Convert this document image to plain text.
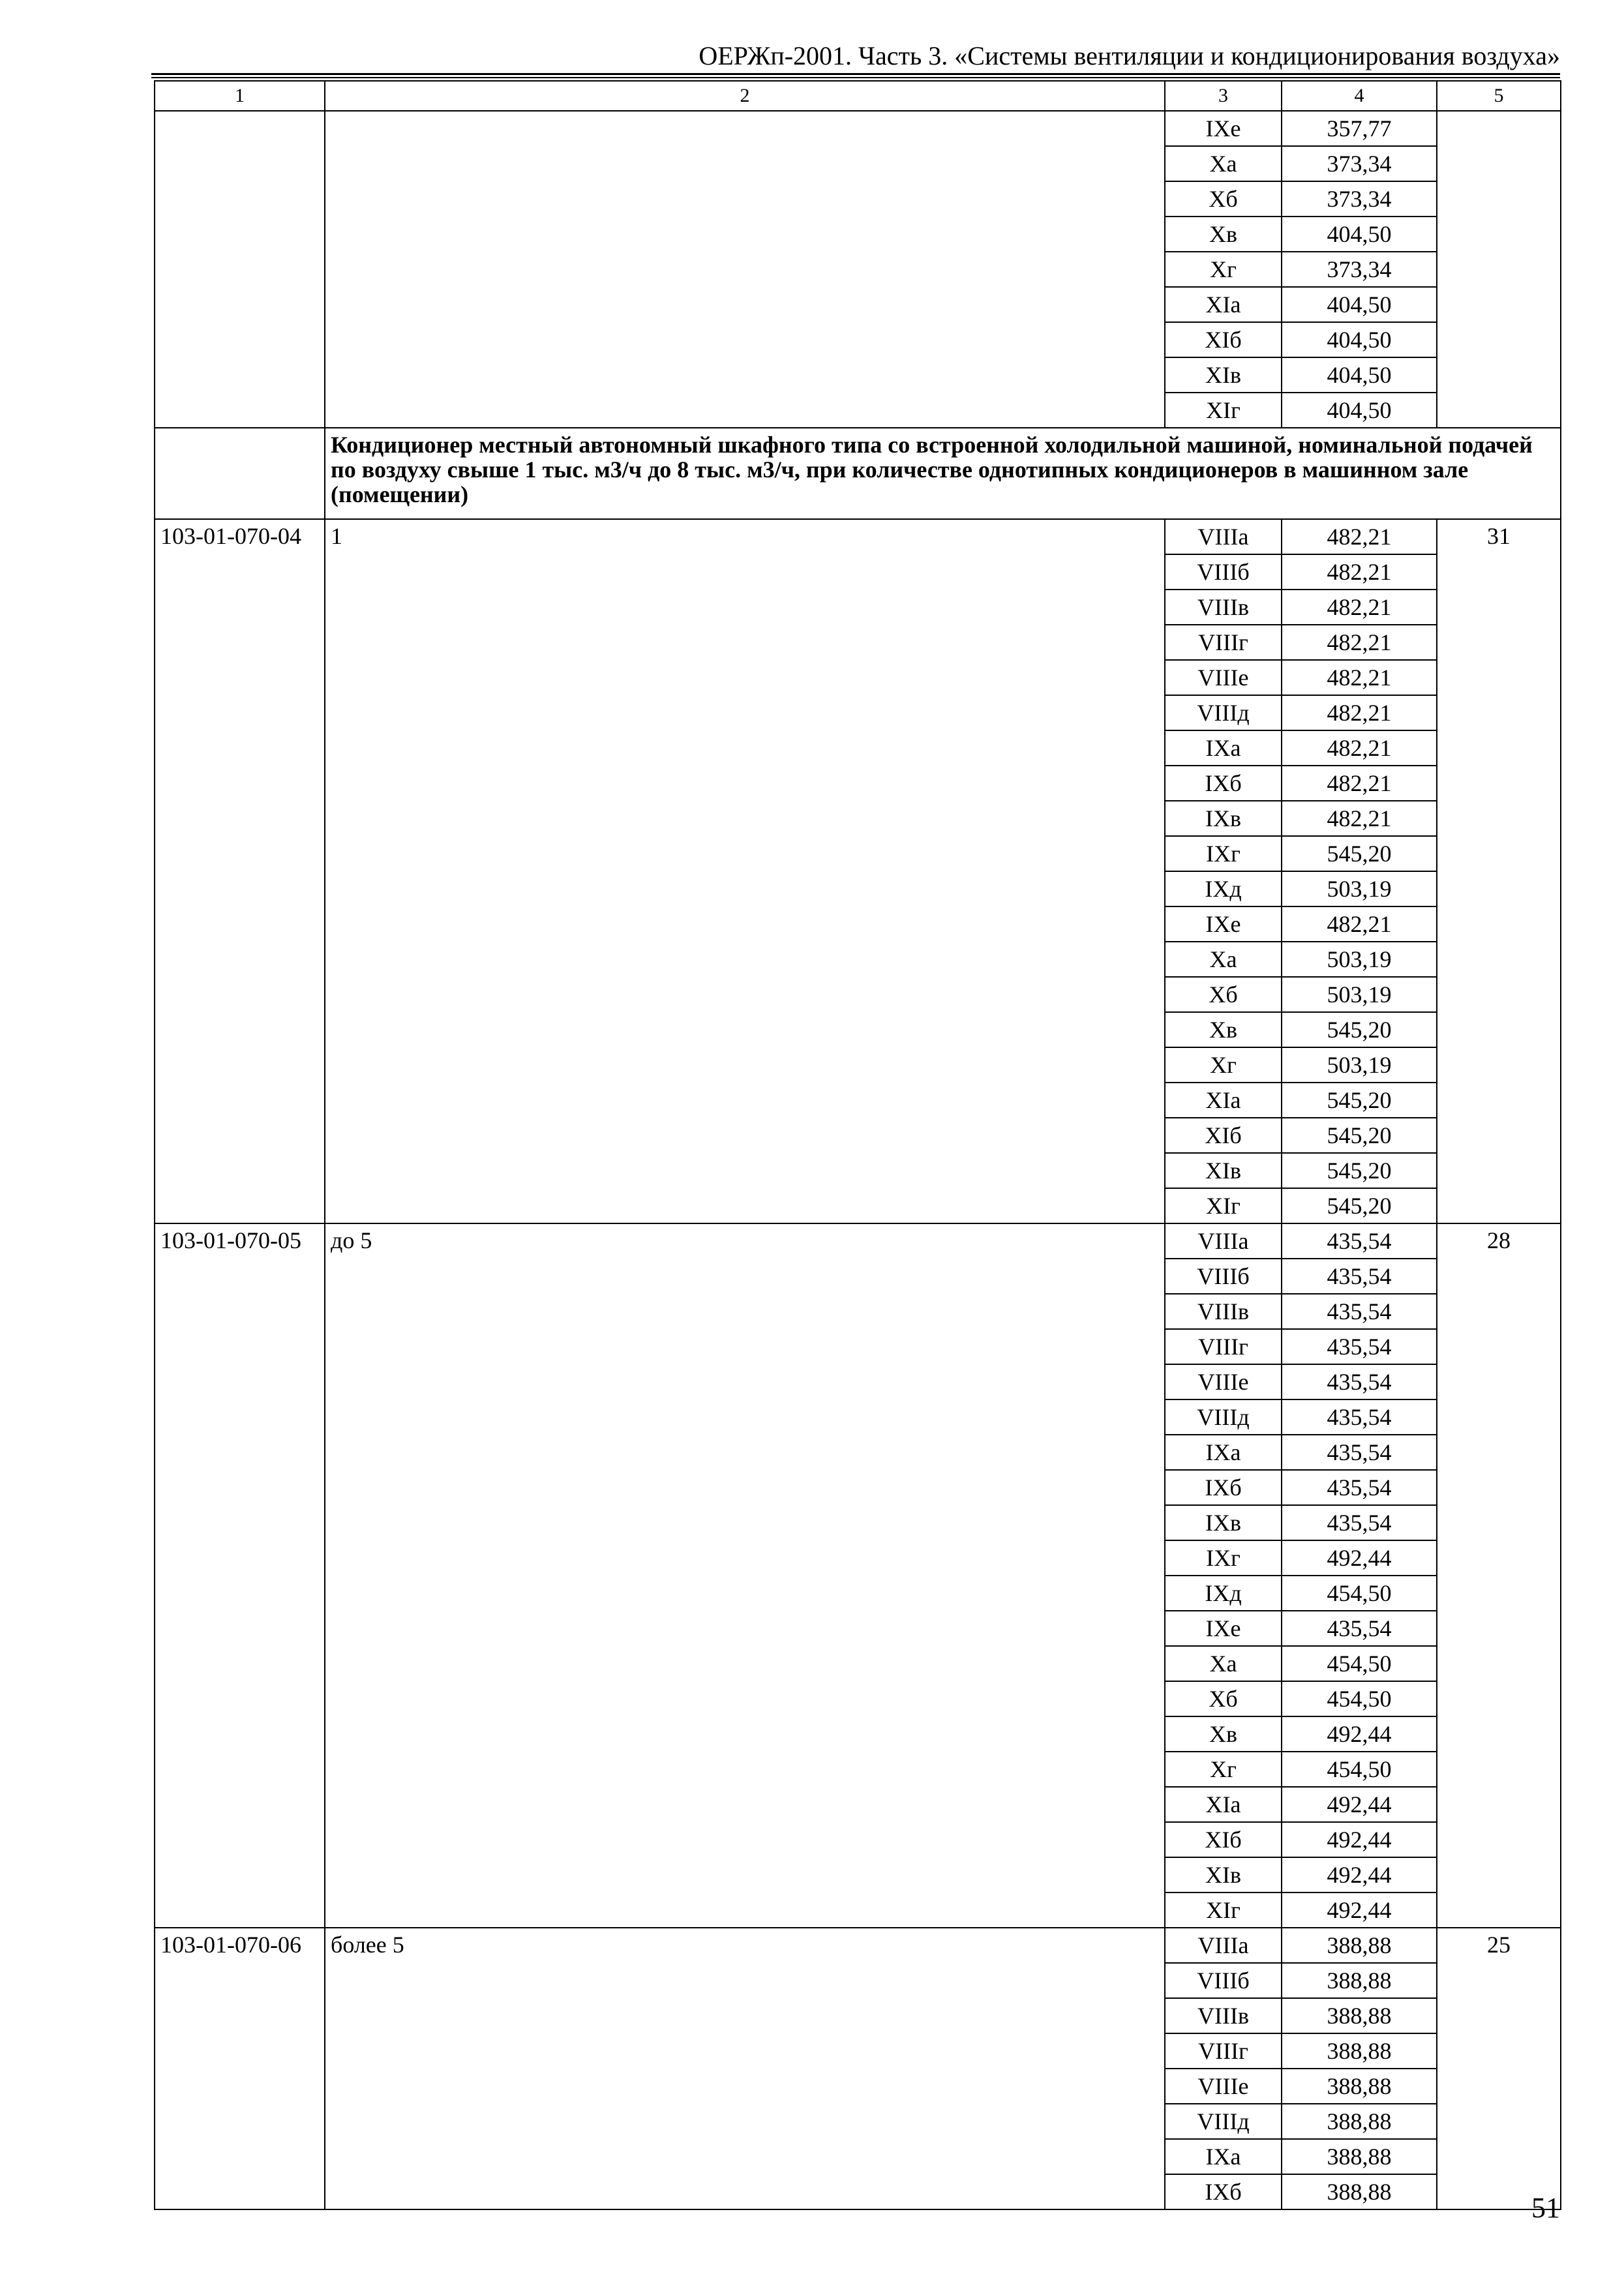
ОЕРЖп-2001. Часть 3. «Системы вентиляции и кондиционирования воздуха»
1	2	3	4	5
		IXе	357,77	
		Xа	373,34	
		Xб	373,34	
		Xв	404,50	
		Xг	373,34	
		XIа	404,50	
		XIб	404,50	
		XIв	404,50	
		XIг	404,50	
	Кондиционер местный автономный шкафного типа со встроенной холодильной машиной, номинальной подачей по воздуху свыше 1 тыс. м3/ч до 8 тыс. м3/ч, при количестве однотипных кондиционеров в машинном зале (помещении)			
103-01-070-04	1	VIIIа	482,21	31
		VIIIб	482,21	
		VIIIв	482,21	
		VIIIг	482,21	
		VIIIе	482,21	
		VIIIд	482,21	
		IXа	482,21	
		IXб	482,21	
		IXв	482,21	
		IXг	545,20	
		IXд	503,19	
		IXе	482,21	
		Xа	503,19	
		Xб	503,19	
		Xв	545,20	
		Xг	503,19	
		XIа	545,20	
		XIб	545,20	
		XIв	545,20	
		XIг	545,20	
103-01-070-05	до 5	VIIIа	435,54	28
		VIIIб	435,54	
		VIIIв	435,54	
		VIIIг	435,54	
		VIIIе	435,54	
		VIIIд	435,54	
		IXа	435,54	
		IXб	435,54	
		IXв	435,54	
		IXг	492,44	
		IXд	454,50	
		IXе	435,54	
		Xа	454,50	
		Xб	454,50	
		Xв	492,44	
		Xг	454,50	
		XIа	492,44	
		XIб	492,44	
		XIв	492,44	
		XIг	492,44	
103-01-070-06	более 5	VIIIа	388,88	25
		VIIIб	388,88	
		VIIIв	388,88	
		VIIIг	388,88	
		VIIIе	388,88	
		VIIIд	388,88	
		IXа	388,88	
		IXб	388,88		51
